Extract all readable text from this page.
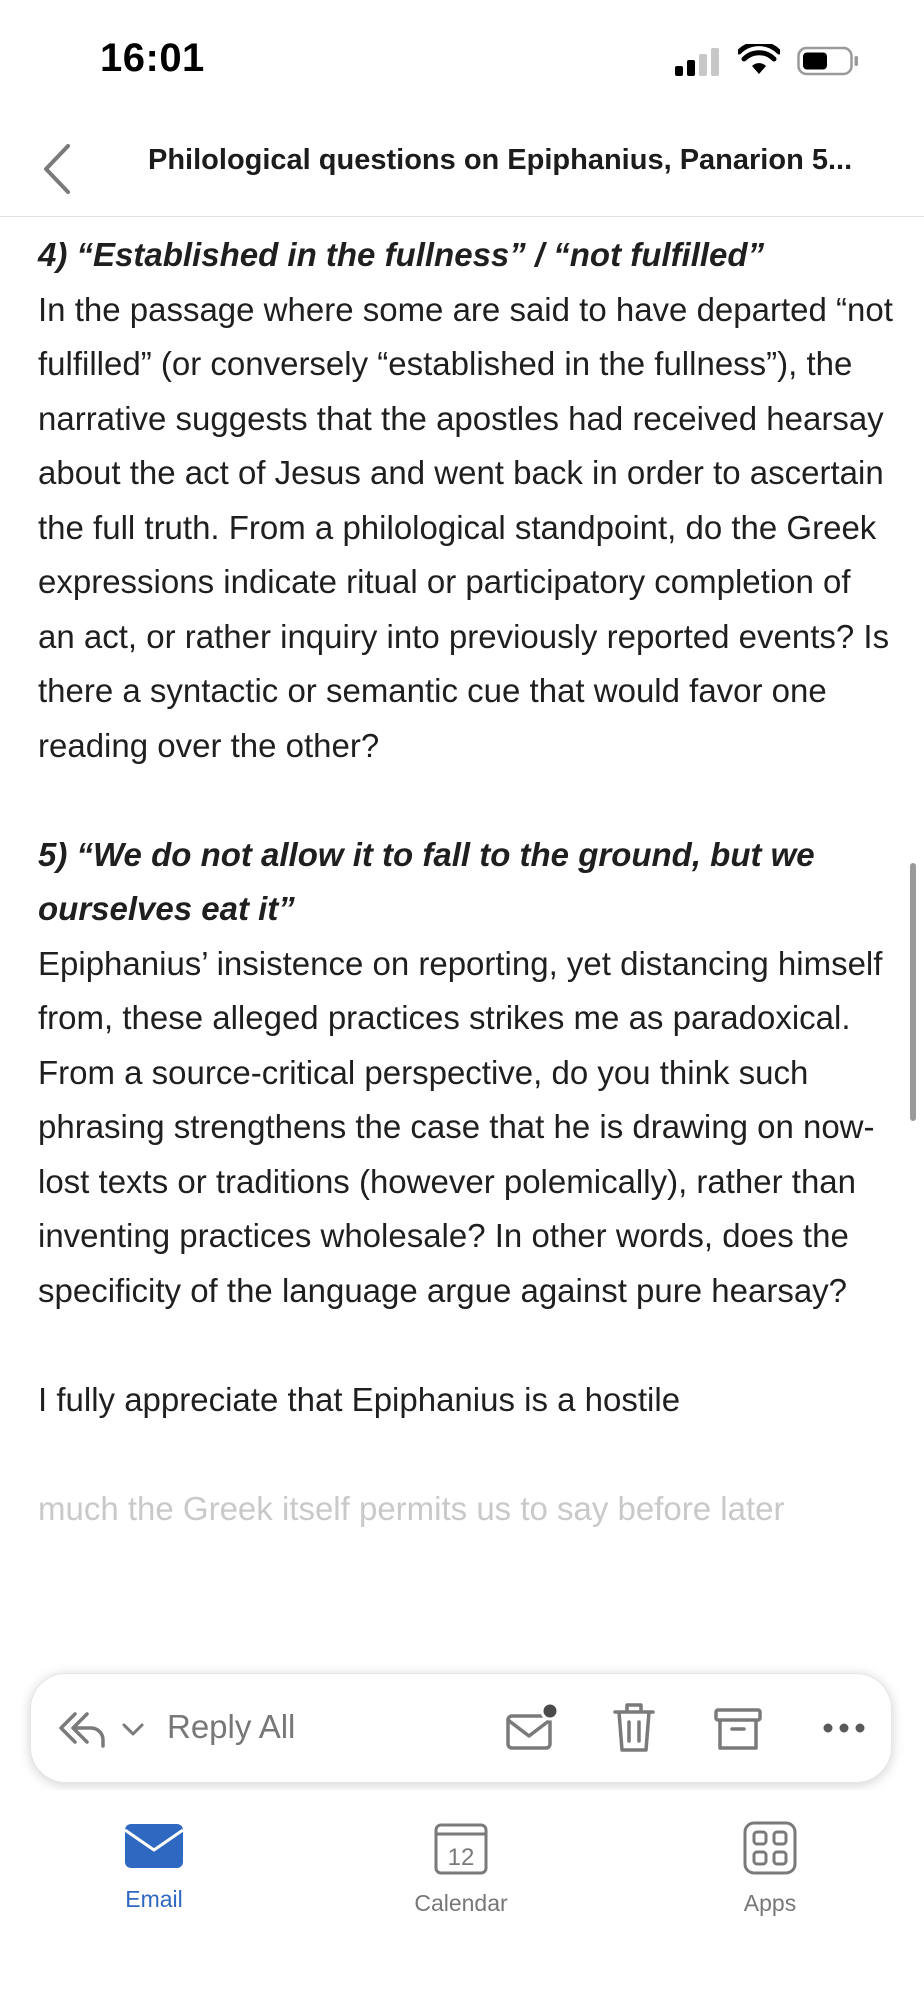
16:01
Philological questions on Epiphanius, Panarion 5...

4) “Established in the fullness” / “not fulfilled”

In the passage where some are said to have departed “not fulfilled” (or conversely “established in the fullness”), the narrative suggests that the apostles had received hearsay about the act of Jesus and went back in order to ascertain the full truth. From a philological standpoint, do the Greek expressions indicate ritual or participatory completion of an act, or rather inquiry into previously reported events? Is there a syntactic or semantic cue that would favor one reading over the other?

5) “We do not allow it to fall to the ground, but we ourselves eat it”

Epiphanius’ insistence on reporting, yet distancing himself from, these alleged practices strikes me as paradoxical. From a source-critical perspective, do you think such phrasing strengthens the case that he is drawing on now-lost texts or traditions (however polemically), rather than inventing practices wholesale? In other words, does the specificity of the language argue against pure hearsay?

I fully appreciate that Epiphanius is a hostile

much the Greek itself permits us to say before later

Reply All
Email
12
Calendar	Apps
